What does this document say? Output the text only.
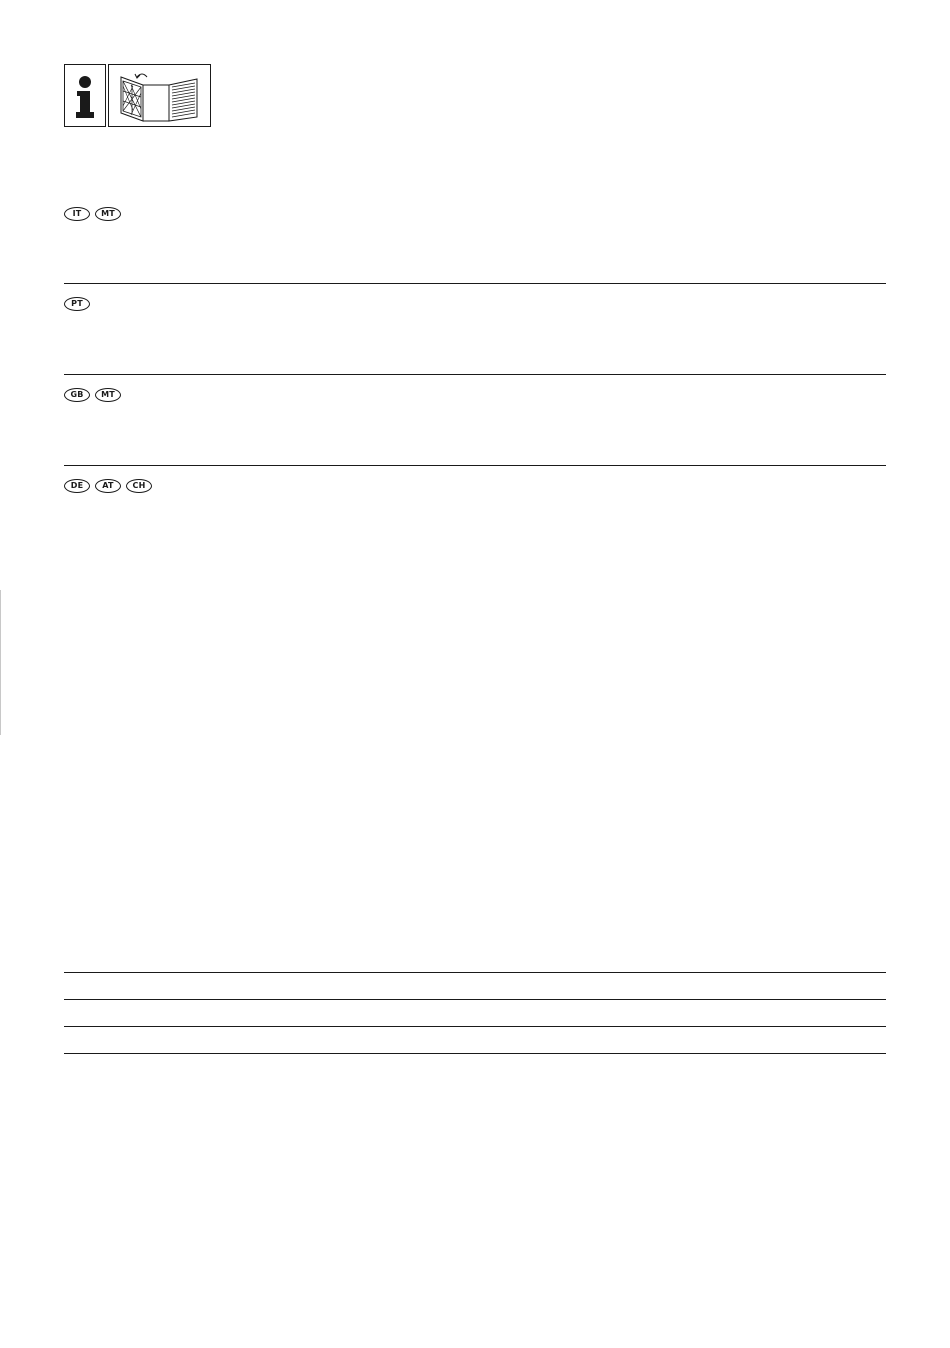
IT	MT
PT
GB	MT
DE	AT	CH
